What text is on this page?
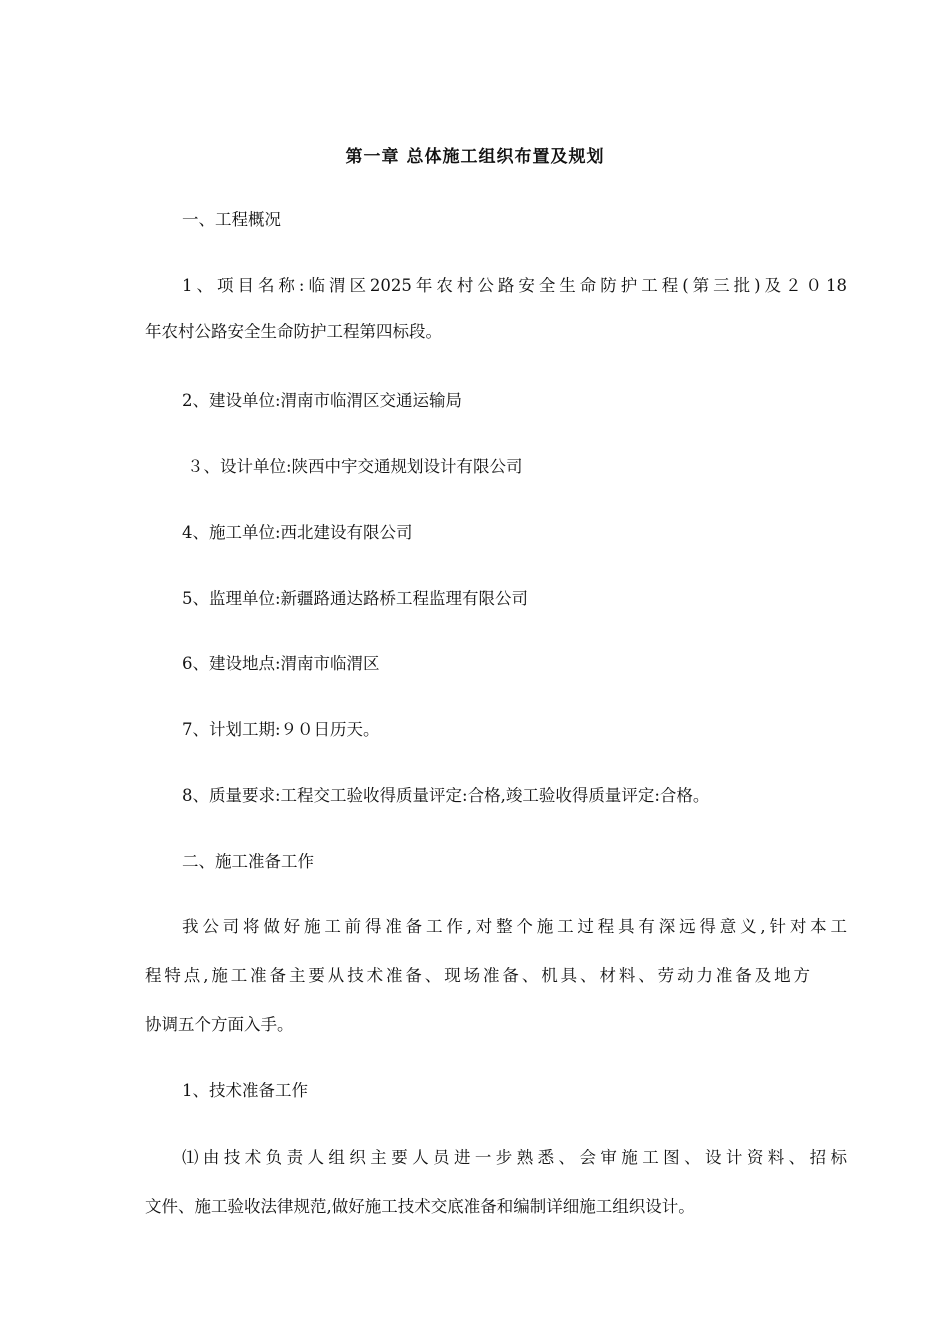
第一章 总体施工组织布置及规划

一、工程概况

1、项目名称:临渭区2025年农村公路安全生命防护工程(第三批)及２０18

年农村公路安全生命防护工程第四标段。

2、建设单位:渭南市临渭区交通运输局

３、设计单位:陕西中宇交通规划设计有限公司

4、施工单位:西北建设有限公司

5、监理单位:新疆路通达路桥工程监理有限公司

6、建设地点:渭南市临渭区

7、计划工期:９０日历天。

8、质量要求:工程交工验收得质量评定:合格,竣工验收得质量评定:合格。

二、施工准备工作

我公司将做好施工前得准备工作,对整个施工过程具有深远得意义,针对本工

程特点,施工准备主要从技术准备、现场准备、机具、材料、劳动力准备及地方

协调五个方面入手。

1、技术准备工作

⑴由技术负责人组织主要人员进一步熟悉、会审施工图、设计资料、招标

文件、施工验收法律规范,做好施工技术交底准备和编制详细施工组织设计。
